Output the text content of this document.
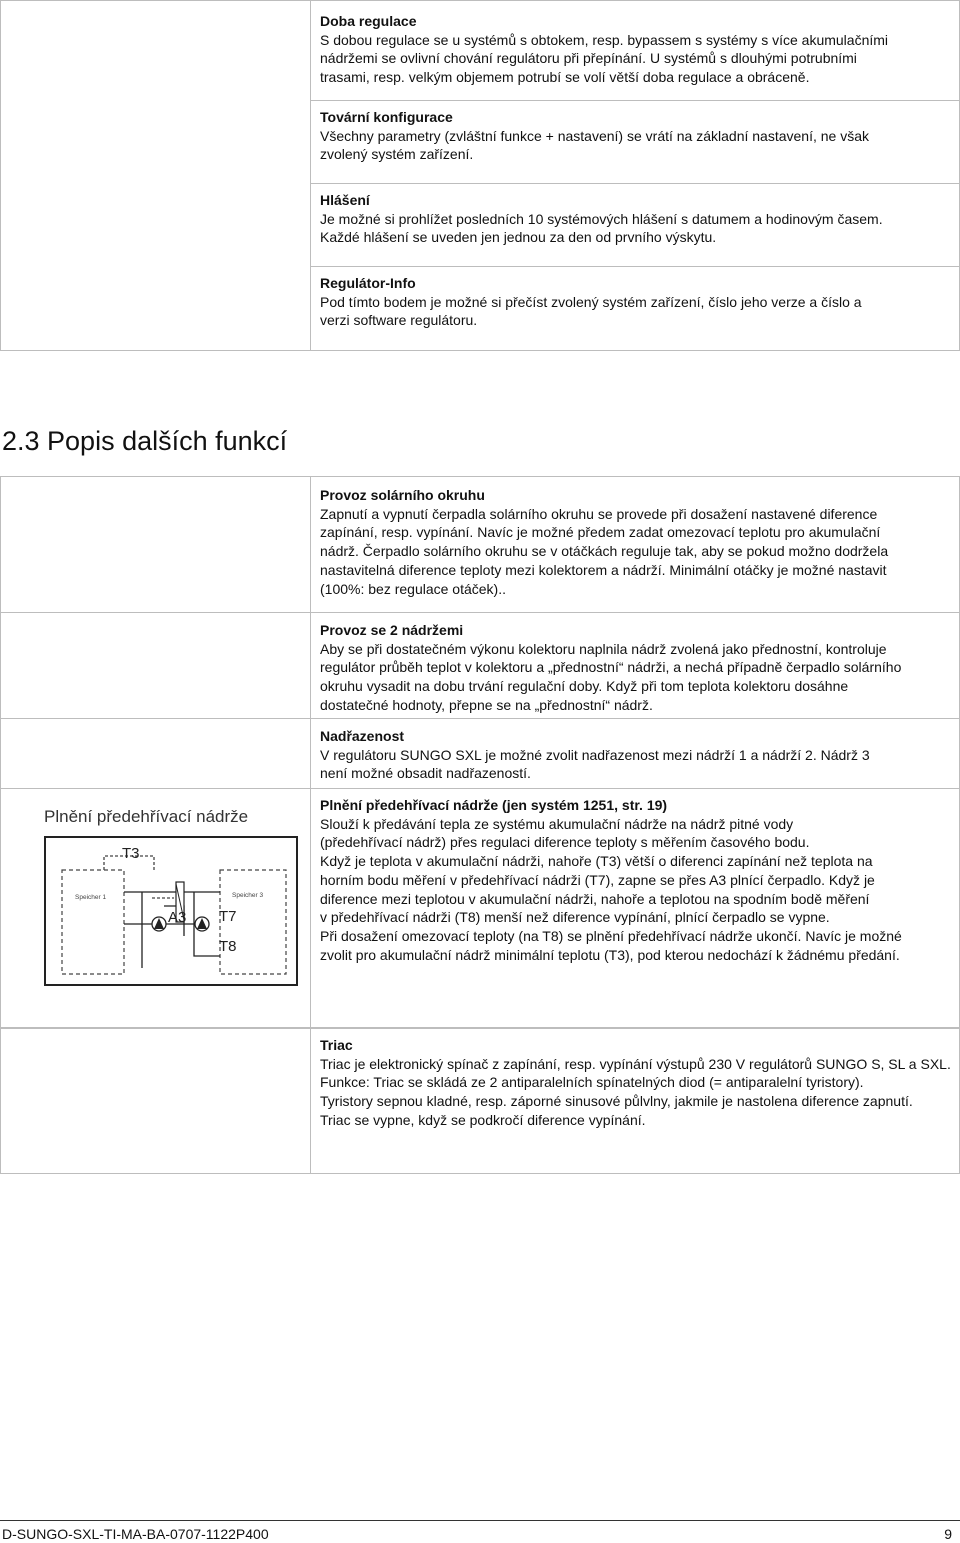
Doba regulace

S dobou regulace se u systémů s obtokem, resp. bypassem s systémy s více akumulačními

nádržemi se ovlivní chování regulátoru při přepínání. U systémů s dlouhými potrubními

trasami, resp. velkým objemem potrubí se volí větší doba regulace a obráceně.

Tovární konfigurace

Všechny parametry (zvláštní funkce + nastavení) se vrátí na základní nastavení, ne však

zvolený systém zařízení.

Hlášení

Je možné si prohlížet posledních 10 systémových hlášení s datumem a hodinovým časem.

Každé hlášení se uveden jen jednou za den od prvního výskytu.

Regulátor-Info

Pod tímto bodem je možné si přečíst zvolený systém zařízení, číslo jeho verze a číslo a

verzi software regulátoru.

2.3 Popis dalších funkcí
Provoz solárního okruhu

Zapnutí a vypnutí čerpadla solárního okruhu se provede při dosažení nastavené diference

zapínání, resp. vypínání. Navíc je možné předem zadat omezovací teplotu pro akumulační

nádrž. Čerpadlo solárního okruhu se v otáčkách reguluje tak, aby se pokud možno dodržela

nastavitelná diference teploty mezi kolektorem a nádrží. Minimální otáčky je možné nastavit

(100%: bez regulace otáček)..

Provoz se 2 nádržemi

Aby se při dostatečném výkonu kolektoru naplnila nádrž zvolená jako přednostní, kontroluje

regulátor průběh teplot v kolektoru a „přednostní“ nádrži, a nechá případně čerpadlo solárního

okruhu vysadit na dobu trvání regulační doby. Když při tom teplota kolektoru dosáhne

dostatečné hodnoty, přepne se na „přednostní“ nádrž.

Nadřazenost

V regulátoru SUNGO SXL je možné zvolit nadřazenost mezi nádrží 1 a nádrží 2. Nádrž 3

není možné obsadit nadřazeností.

Plnění předehřívací nádrže (jen systém 1251, str. 19)

Slouží k předávání tepla ze systému akumulační nádrže na nádrž pitné vody

(předehřívací nádrž) přes regulaci diference teploty s měřením časového bodu.

Když je teplota v akumulační nádrži, nahoře (T3) větší o diferenci zapínání než teplota na

horním bodu měření v předehřívací nádrži (T7), zapne se přes A3 plnící čerpadlo. Když je

diference mezi teplotou v akumulační nádrži, nahoře a teplotou na spodním bodě měření

v předehřívací nádrži (T8) menší než diference vypínání, plnící čerpadlo se vypne.

Při dosažení omezovací teploty (na T8) se plnění předehřívací nádrže ukončí. Navíc je možné

zvolit pro akumulační nádrž minimální teplotu (T3), pod kterou nedochází k žádnému předání.

Plnění předehřívací nádrže
Speicher 1	Speicher 3
T3
A3 T7
T8
Triac

Triac je elektronický spínač z zapínání, resp. vypínání výstupů 230 V regulátorů SUNGO S, SL a SXL.

Funkce: Triac se skládá ze 2 antiparalelních spínatelných diod (= antiparalelní tyristory).

Tyristory sepnou kladné, resp. záporné sinusové půlvlny, jakmile je nastolena diference zapnutí.

Triac se vypne, když se podkročí diference vypínání.

D-SUNGO-SXL-TI-MA-BA-0707-1122P400	9
